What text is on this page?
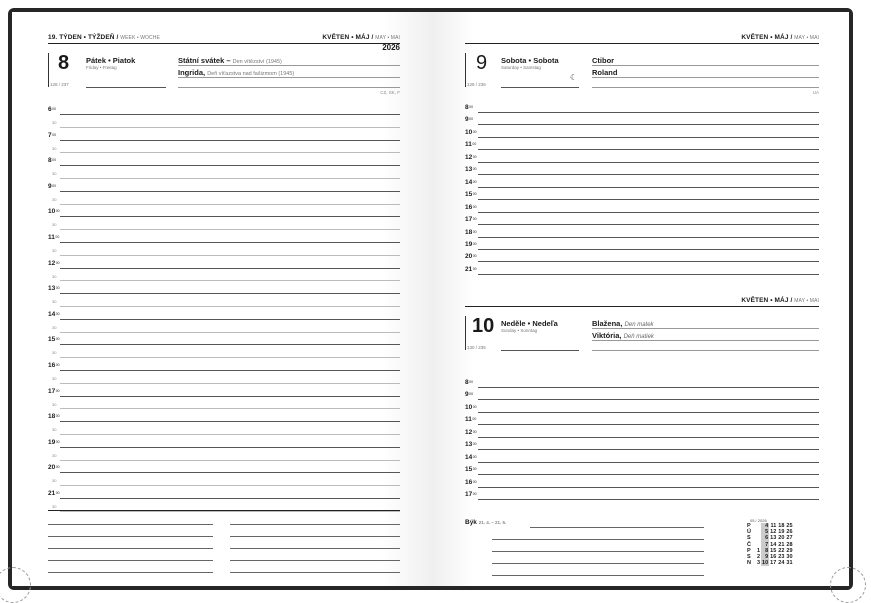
19. TÝDEN • TÝŽDEŇ / WEEK • WOCHE	KVĚTEN • MÁJ / MAY • MAI
2026
8 Pátek • Piatok
Friday • Freitag
128 / 237
Státní svátek – Den vítězství (1945)
Ingrida, Deň víťazstva nad fašizmom (1945)
CZ, SK, F
$6^{00}$
30
$7^{00}$
30
$8^{00}$
30
$9^{00}$
30
$10^{00}$
30
$11^{00}$
30
$12^{00}$
30
$13^{00}$
30
$14^{00}$
30
$15^{00}$
30
$16^{00}$
30
$17^{00}$
30
$18^{00}$
30
$19^{00}$
30
$20^{00}$
30
$21^{00}$
30
KVĚTEN • MÁJ / MAY • MAI
9 Sobota • Sobota
Saturday • Samstag
129 / 236
☾
Ctibor
Roland
UA
$8^{00}$
$9^{00}$
$10^{00}$
$11^{00}$
$12^{00}$
$13^{00}$
$14^{00}$
$15^{00}$
$16^{00}$
$17^{00}$
$18^{00}$
$19^{00}$
$20^{00}$
$21^{00}$
KVĚTEN • MÁJ / MAY • MAI
10 Neděle • Nedeľa
Sunday • Sonntag
130 / 235
Blažena, Den matek
Viktória, Deň matiek
$8^{00}$
$9^{00}$
$10^{00}$
$11^{00}$
$12^{00}$
$13^{00}$
$14^{00}$
$15^{00}$
$16^{00}$
$17^{00}$
Býk 21. 4. – 21. 5.	05 / 2026
P		4	11	18	25
Ú		5	12	19	26
S		6	13	20	27
Č		7	14	21	28
P	1	8	15	22	29
S	2	9	16	23	30
N	3	10	17	24	31
